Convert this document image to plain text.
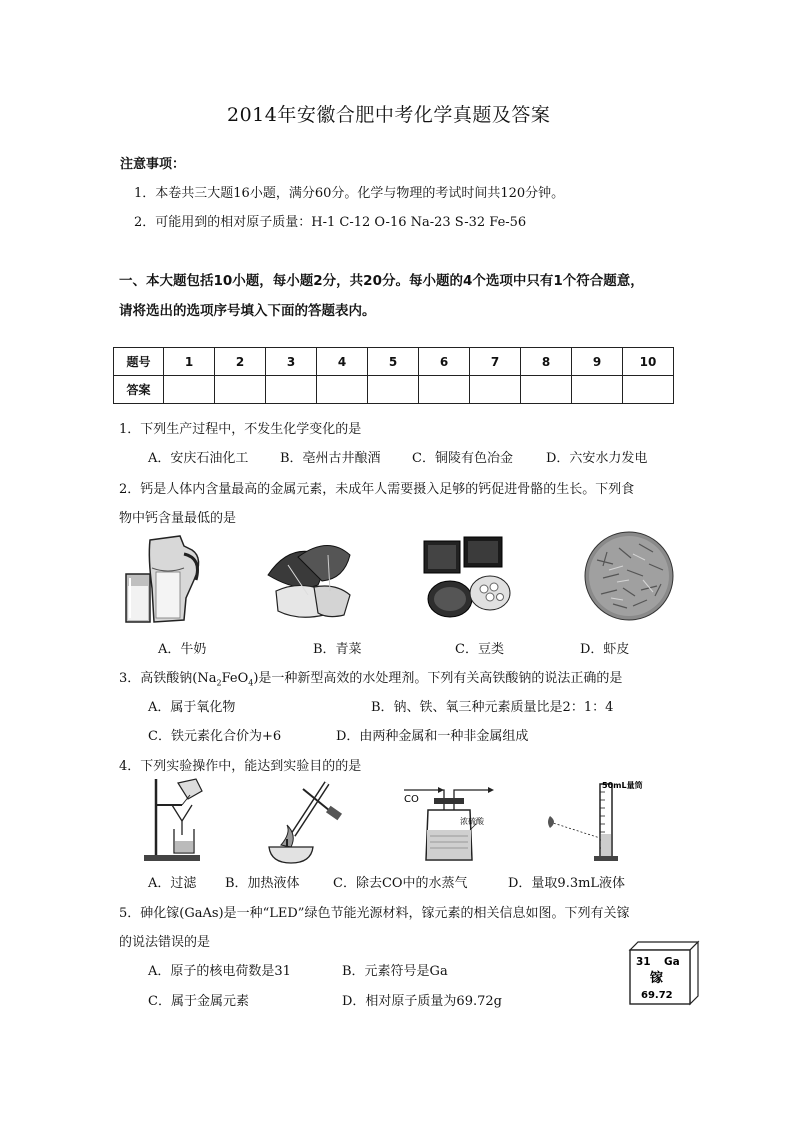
2014年安徽合肥中考化学真题及答案
注意事项：
1．本卷共三大题16小题，满分60分。化学与物理的考试时间共120分钟。
2．可能用到的相对原子质量：H-1 C-12 O-16 Na-23 S-32 Fe-56
一、本大题包括10小题，每小题2分，共20分。每小题的4个选项中只有1个符合题意，
请将选出的选项序号填入下面的答题表内。
题号	1	2	3	4	5	6	7	8	9	10
答案										
1．下列生产过程中，不发生化学变化的是
A．安庆石油化工 B．亳州古井酿酒 C．铜陵有色冶金	D．六安水力发电
2．钙是人体内含量最高的金属元素，未成年人需要摄入足够的钙促进骨骼的生长。下列食
物中钙含量最低的是
A．牛奶	B．青菜	C．豆类	D．虾皮
3．高铁酸钠$(Na_2FeO_4)$是一种新型高效的水处理剂。下列有关高铁酸钠的说法正确的是
A．属于氧化物	B．钠、铁、氧三种元素质量比是2：1：4
C．铁元素化合价为+6	D．由两种金属和一种非金属组成
4．下列实验操作中，能达到实验目的的是
CO
浓硫酸
50mL量筒
A．过滤 B．加热液体	C．除去CO中的水蒸气	D．量取9.3mL液体
5．砷化镓(GaAs)是一种“LED”绿色节能光源材料，镓元素的相关信息如图。下列有关镓
的说法错误的是
A．原子的核电荷数是31	B．元素符号是Ga
C．属于金属元素	D．相对原子质量为69.72g
31 Ga
镓
69.72
